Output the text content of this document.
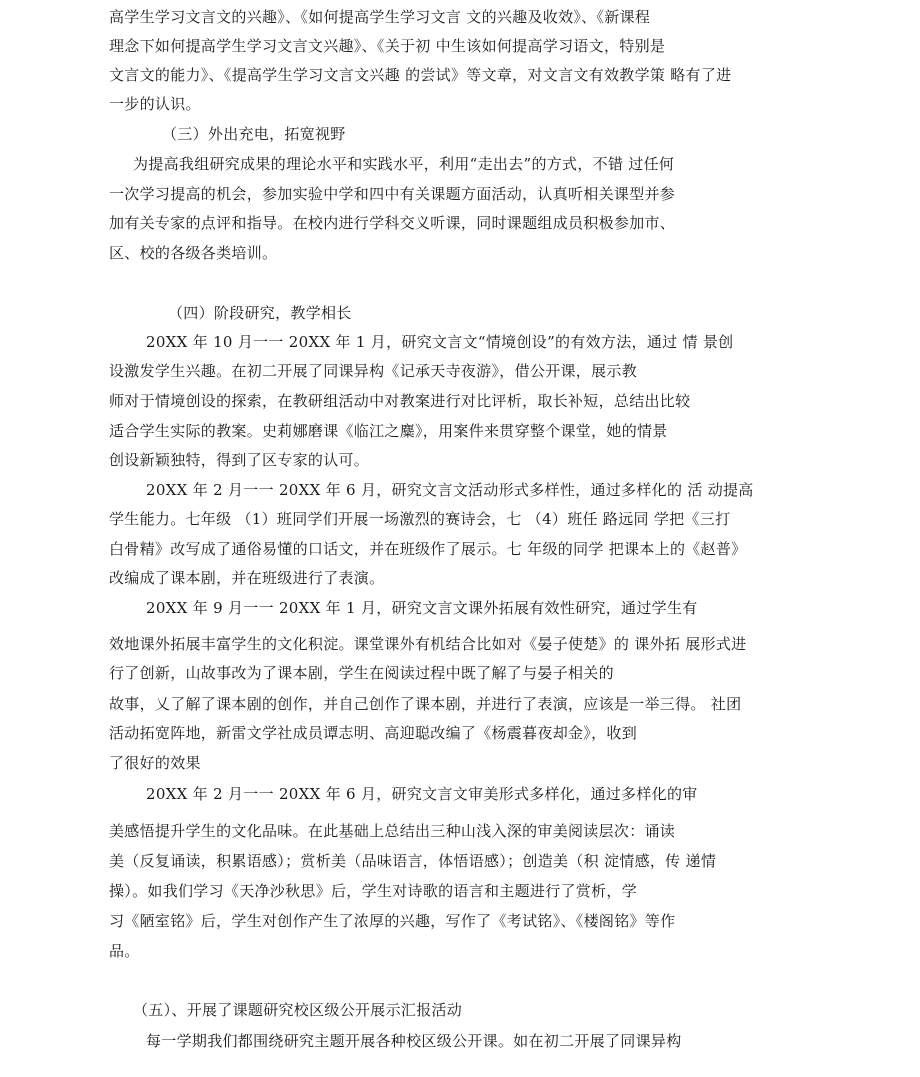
高学生学习文言文的兴趣》、《如何提高学生学习文言 文的兴趣及收效》、《新课程
理念下如何提高学生学习文言文兴趣》、《关于初 中生该如何提高学习语文，特别是
文言文的能力》、《提高学生学习文言文兴趣 的尝试》等文章，对文言文有效教学策 略有了进
一步的认识。
（三）外出充电，拓宽视野
为提高我组研究成果的理论水平和实践水平，利用“走出去”的方式，不错 过任何
一次学习提高的机会，参加实验中学和四中有关课题方面活动，认真听相关课型并参
加有关专家的点评和指导。在校内进行学科交义听课，同时课题组成员积极参加市、
区、校的各级各类培训。
（四）阶段研究，教学相长
20XX 年 10 月一一 20XX 年 1 月，研究文言文“情境创设”的有效方法，通过 情 景创
设激发学生兴趣。在初二开展了同课异构《记承天寺夜游》，借公开课，展示教
师对于情境创设的探索，在教研组活动中对教案进行对比评析，取长补短，总结出比较
适合学生实际的教案。史莉娜磨课《临江之麋》，用案件来贯穿整个课堂，她的情景
创设新颖独特，得到了区专家的认可。
20XX 年 2 月一一 20XX 年 6 月，研究文言文活动形式多样性，通过多样化的 活 动提高
学生能力。七年级 （1）班同学们开展一场激烈的赛诗会，七 （4）班任 路远同 学把《三打
白骨精》改写成了通俗易懂的口话文，并在班级作了展示。七 年级的同学 把课本上的《赵普》
改编成了课本剧，并在班级进行了表演。
20XX 年 9 月一一 20XX 年 1 月，研究文言文课外拓展有效性研究，通过学生有
效地课外拓展丰富学生的文化积淀。课堂课外有机结合比如对《晏子使楚》的 课外拓 展形式进
行了创新，山故事改为了课本剧，学生在阅读过程中既了解了与晏子相关的
故事，乂了解了课本剧的创作，并自己创作了课本剧，并进行了表演，应该是一举三得。 社团
活动拓宽阵地，新雷文学社成员谭志明、高迎聪改编了《杨震暮夜却金》，收到
了很好的效果
20XX 年 2 月一一 20XX 年 6 月，研究文言文审美形式多样化，通过多样化的审
美感悟提升学生的文化品味。在此基础上总结出三种山浅入深的审美阅读层次：诵读
美（反复诵读，积累语感）；赏析美（品味语言，体悟语感）；创造美（积 淀情感，传 递情
操）。如我们学习《天净沙秋思》后，学生对诗歌的语言和主题进行了赏析，学
习《陋室铭》后，学生对创作产生了浓厚的兴趣，写作了《考试铭》、《楼阁铭》等作
品。
（五）、开展了课题研究校区级公开展示汇报活动
每一学期我们都围绕研究主题开展各种校区级公开课。如在初二开展了同课异构
